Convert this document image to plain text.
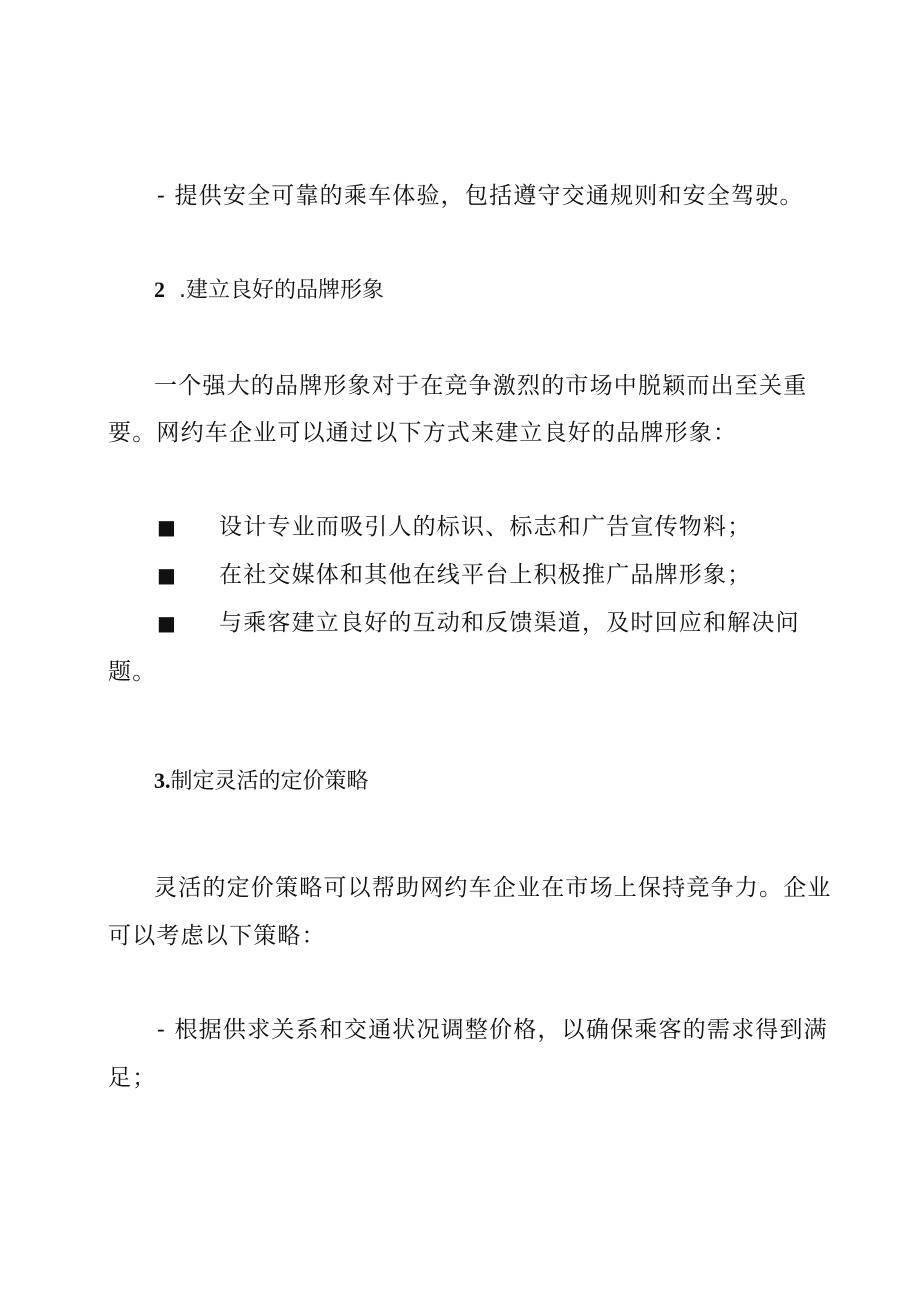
- 提供安全可靠的乘车体验，包括遵守交通规则和安全驾驶。
2 .建立良好的品牌形象
一个强大的品牌形象对于在竞争激烈的市场中脱颖而出至关重
要。网约车企业可以通过以下方式来建立良好的品牌形象：
■ 设计专业而吸引人的标识、标志和广告宣传物料；
■ 在社交媒体和其他在线平台上积极推广品牌形象；
■ 与乘客建立良好的互动和反馈渠道，及时回应和解决问
题。
3.制定灵活的定价策略
灵活的定价策略可以帮助网约车企业在市场上保持竞争力。企业
可以考虑以下策略：
- 根据供求关系和交通状况调整价格，以确保乘客的需求得到满
足；
